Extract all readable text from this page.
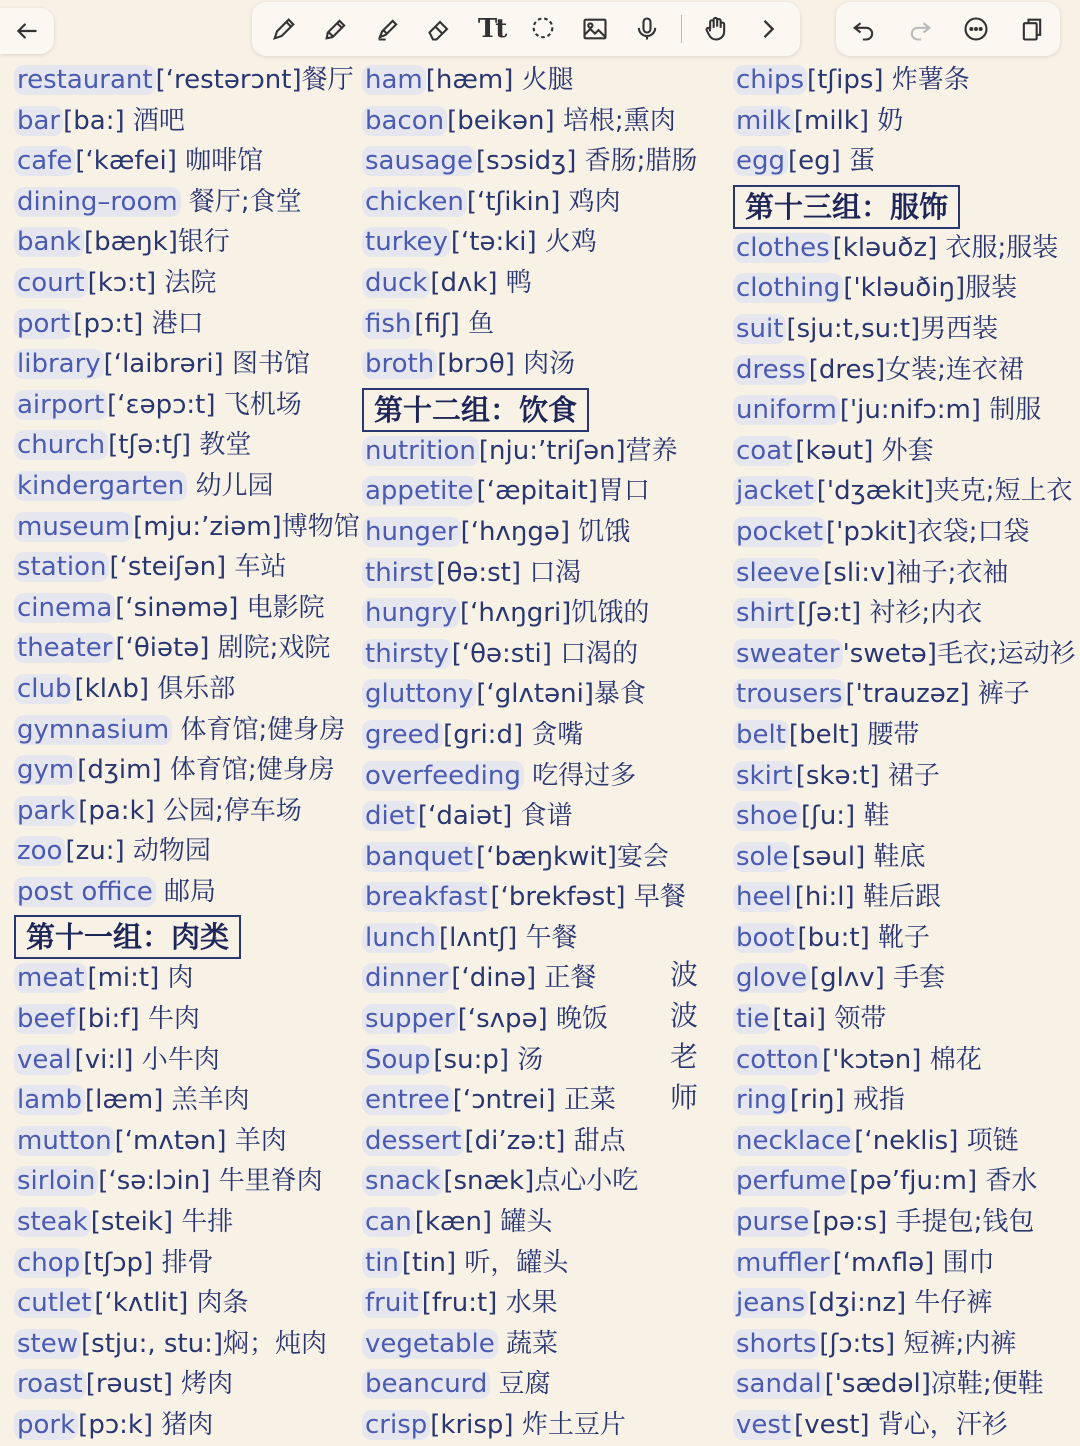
Tt
restaurant [‘restərɔnt]餐厅
bar [ba:] 酒吧
cafe [‘kæfei] 咖啡馆
dining–room 餐厅;食堂
bank [bæŋk]银行
court [kɔ:t] 法院
port [pɔ:t] 港口
library [‘laibrəri] 图书馆
airport [‘ɛəpɔ:t] 飞机场
church [tʃə:tʃ] 教堂
kindergarten 幼儿园
museum [mju:’ziəm]博物馆
station [‘steiʃən] 车站
cinema [‘sinəmə] 电影院
theater [‘θiətə] 剧院;戏院
club [klʌb] 俱乐部
gymnasium 体育馆;健身房
gym [dʒim] 体育馆;健身房
park [pa:k] 公园;停车场
zoo [zu:] 动物园
post office 邮局
第十一组：肉类
meat [mi:t] 肉
beef [bi:f] 牛肉
veal [vi:l] 小牛肉
lamb [læm] 羔羊肉
mutton [‘mʌtən] 羊肉
sirloin [‘sə:lɔin] 牛里脊肉
steak [steik] 牛排
chop [tʃɔp] 排骨
cutlet [‘kʌtlit] 肉条
stew [stju:, stu:]焖；炖肉
roast [rəust] 烤肉
pork [pɔ:k] 猪肉
ham [hæm] 火腿
bacon [beikən] 培根;熏肉
sausage [sɔsidʒ] 香肠;腊肠
chicken [‘tʃikin] 鸡肉
turkey [‘tə:ki] 火鸡
duck [dʌk] 鸭
fish [fiʃ] 鱼
broth [brɔθ] 肉汤
第十二组：饮食
nutrition [nju:’triʃən]营养
appetite [‘æpitait]胃口
hunger [‘hʌŋgə] 饥饿
thirst [θə:st] 口渴
hungry [‘hʌŋgri]饥饿的
thirsty [‘θə:sti] 口渴的
gluttony [‘glʌtəni]暴食
greed [gri:d] 贪嘴
overfeeding 吃得过多
diet [‘daiət] 食谱
banquet [‘bæŋkwit]宴会
breakfast [‘brekfəst] 早餐
lunch [lʌntʃ] 午餐
dinner [‘dinə] 正餐
supper [‘sʌpə] 晚饭
Soup [su:p] 汤
entree [‘ɔntrei] 正菜
dessert [di’zə:t] 甜点
snack [snæk]点心小吃
can [kæn] 罐头
tin [tin] 听，罐头
fruit [fru:t] 水果
vegetable 蔬菜
beancurd 豆腐
crisp [krisp] 炸土豆片
chips [tʃips] 炸薯条
milk [milk] 奶
egg [eg] 蛋
第十三组：服饰
clothes [kləuðz] 衣服;服装
clothing ['kləuðiŋ]服装
suit [sju:t,su:t]男西装
dress [dres]女装;连衣裙
uniform ['ju:nifɔ:m] 制服
coat [kəut] 外套
jacket ['dʒækit]夹克;短上衣
pocket ['pɔkit]衣袋;口袋
sleeve [sli:v]袖子;衣袖
shirt [ʃə:t] 衬衫;内衣
sweater 'swetə]毛衣;运动衫
trousers ['trauzəz] 裤子
belt [belt] 腰带
skirt [skə:t] 裙子
shoe [ʃu:] 鞋
sole [səul] 鞋底
heel [hi:l] 鞋后跟
boot [bu:t] 靴子
glove [glʌv] 手套
tie [tai] 领带
cotton ['kɔtən] 棉花
ring [riŋ] 戒指
necklace [‘neklis] 项链
perfume [pə’fju:m] 香水
purse [pə:s] 手提包;钱包
muffler [‘mʌflə] 围巾
jeans [dʒi:nz] 牛仔裤
shorts [ʃɔ:ts] 短裤;内裤
sandal ['sædəl]凉鞋;便鞋
vest [vest] 背心，汗衫
波
波
老
师
